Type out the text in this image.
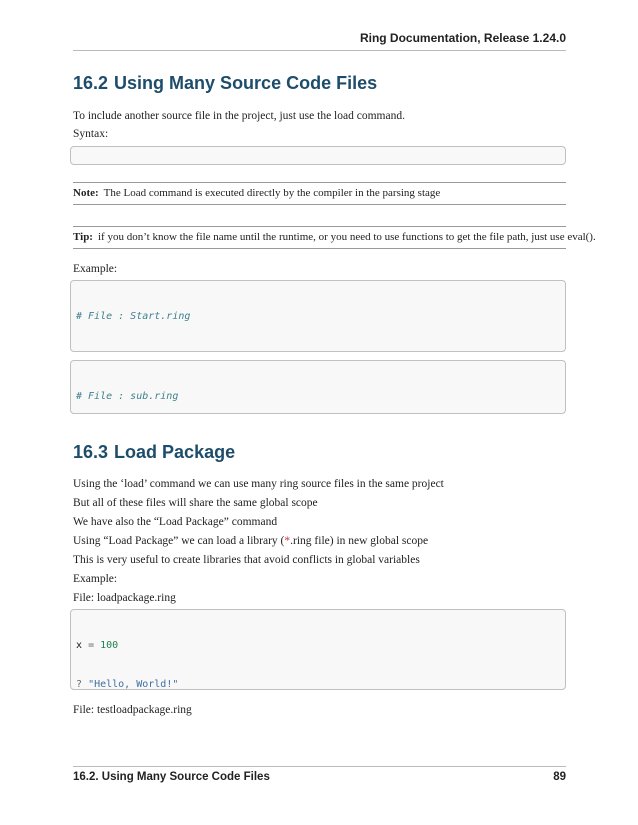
Ring Documentation, Release 1.24.0
16.2 Using Many Source Code Files
To include another source file in the project, just use the load command.
Syntax:

Note: The Load command is executed directly by the compiler in the parsing stage
Tip: if you don’t know the file name until the runtime, or you need to use functions to get the file path, just use eval().
Example:

# File : Start.ring

# File : sub.ring

16.3 Load Package
Using the ‘load’ command we can use many ring source files in the same project
But all of these files will share the same global scope
We have also the “Load Package” command
Using “Load Package” we can load a library (*.ring file) in new global scope
This is very useful to create libraries that avoid conflicts in global variables
Example:
File: loadpackage.ring

x = 100

? "Hello, World!"

File: testloadpackage.ring
16.2. Using Many Source Code Files	89
